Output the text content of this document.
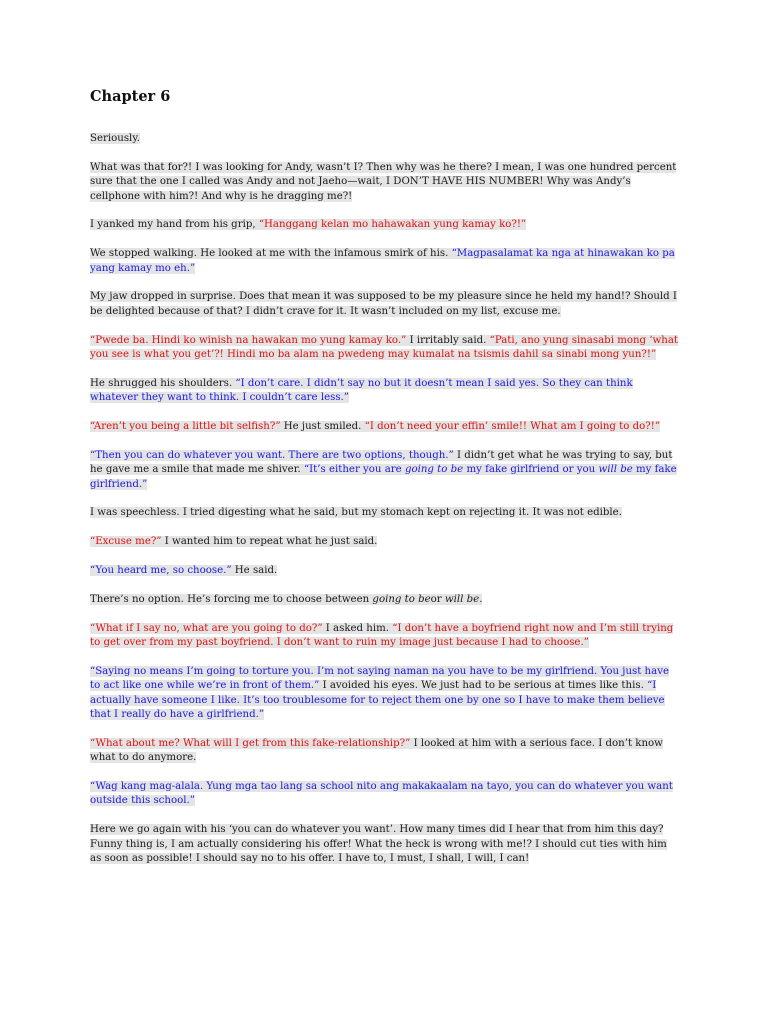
Chapter 6

Seriously.

What was that for?! I was looking for Andy, wasn’t I? Then why was he there? I mean, I was one hundred percent sure that the one I called was Andy and not Jaeho—wait, I DON’T HAVE HIS NUMBER! Why was Andy’s cellphone with him?! And why is he dragging me?!

I yanked my hand from his grip, “Hanggang kelan mo hahawakan yung kamay ko?!”

We stopped walking. He looked at me with the infamous smirk of his. “Magpasalamat ka nga at hinawakan ko pa yang kamay mo eh.”

My jaw dropped in surprise. Does that mean it was supposed to be my pleasure since he held my hand!? Should I be delighted because of that? I didn’t crave for it. It wasn’t included on my list, excuse me.

“Pwede ba. Hindi ko winish na hawakan mo yung kamay ko.” I irritably said. “Pati, ano yung sinasabi mong ‘what you see is what you get’?! Hindi mo ba alam na pwedeng may kumalat na tsismis dahil sa sinabi mong yun?!”

He shrugged his shoulders. “I don’t care. I didn’t say no but it doesn’t mean I said yes. So they can think whatever they want to think. I couldn’t care less.”

“Aren’t you being a little bit selfish?” He just smiled. “I don’t need your effin’ smile!! What am I going to do?!”

“Then you can do whatever you want. There are two options, though.” I didn’t get what he was trying to say, but he gave me a smile that made me shiver. “It’s either you are going to be my fake girlfriend or you will be my fake girlfriend.”

I was speechless. I tried digesting what he said, but my stomach kept on rejecting it. It was not edible.

“Excuse me?” I wanted him to repeat what he just said.

“You heard me, so choose.” He said.

There’s no option. He’s forcing me to choose between going to beor will be.

“What if I say no, what are you going to do?” I asked him. “I don’t have a boyfriend right now and I’m still trying to get over from my past boyfriend. I don’t want to ruin my image just because I had to choose.”

“Saying no means I’m going to torture you. I’m not saying naman na you have to be my girlfriend. You just have to act like one while we’re in front of them.” I avoided his eyes. We just had to be serious at times like this. “I actually have someone I like. It’s too troublesome for to reject them one by one so I have to make them believe that I really do have a girlfriend.”

“What about me? What will I get from this fake-relationship?” I looked at him with a serious face. I don’t know what to do anymore.

“Wag kang mag-alala. Yung mga tao lang sa school nito ang makakaalam na tayo, you can do whatever you want outside this school.”

Here we go again with his ‘you can do whatever you want’. How many times did I hear that from him this day? Funny thing is, I am actually considering his offer! What the heck is wrong with me!? I should cut ties with him as soon as possible! I should say no to his offer. I have to, I must, I shall, I will, I can!
